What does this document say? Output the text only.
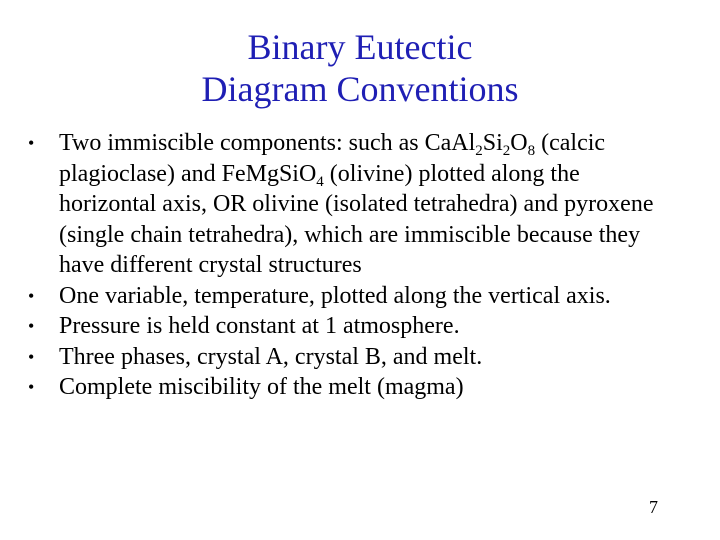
Binary Eutectic
Diagram Conventions
• Two immiscible components: such as $CaAl_2Si_2O_8$ (calcic plagioclase) and FeMgSiO$_4$ (olivine) plotted along the horizontal axis, OR olivine (isolated tetrahedra) and pyroxene (single chain tetrahedra), which are immiscible because they have different crystal structures
• One variable, temperature, plotted along the vertical axis.
• Pressure is held constant at 1 atmosphere.
• Three phases, crystal A, crystal B, and melt.
• Complete miscibility of the melt (magma)
7
